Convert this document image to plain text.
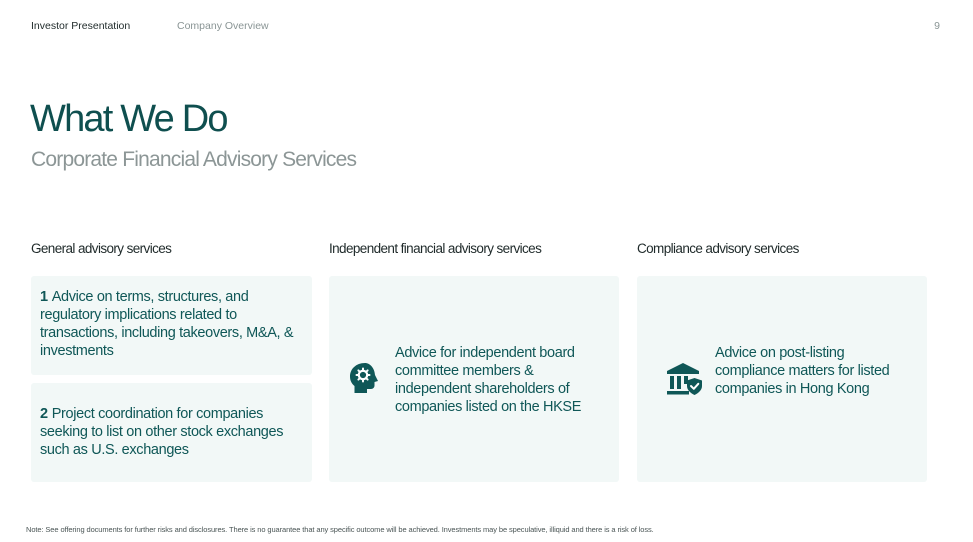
Investor Presentation	Company Overview	9
What We Do
Corporate Financial Advisory Services
General advisory services
1 Advice on terms, structures, and regulatory implications related to transactions, including takeovers, M&A, & investments
2 Project coordination for companies seeking to list on other stock exchanges such as U.S. exchanges
Independent financial advisory services
Advice for independent board committee members & independent shareholders of companies listed on the HKSE
Compliance advisory services
Advice on post-listing compliance matters for listed companies in Hong Kong
Note: See offering documents for further risks and disclosures. There is no guarantee that any specific outcome will be achieved. Investments may be speculative, illiquid and there is a risk of loss.
